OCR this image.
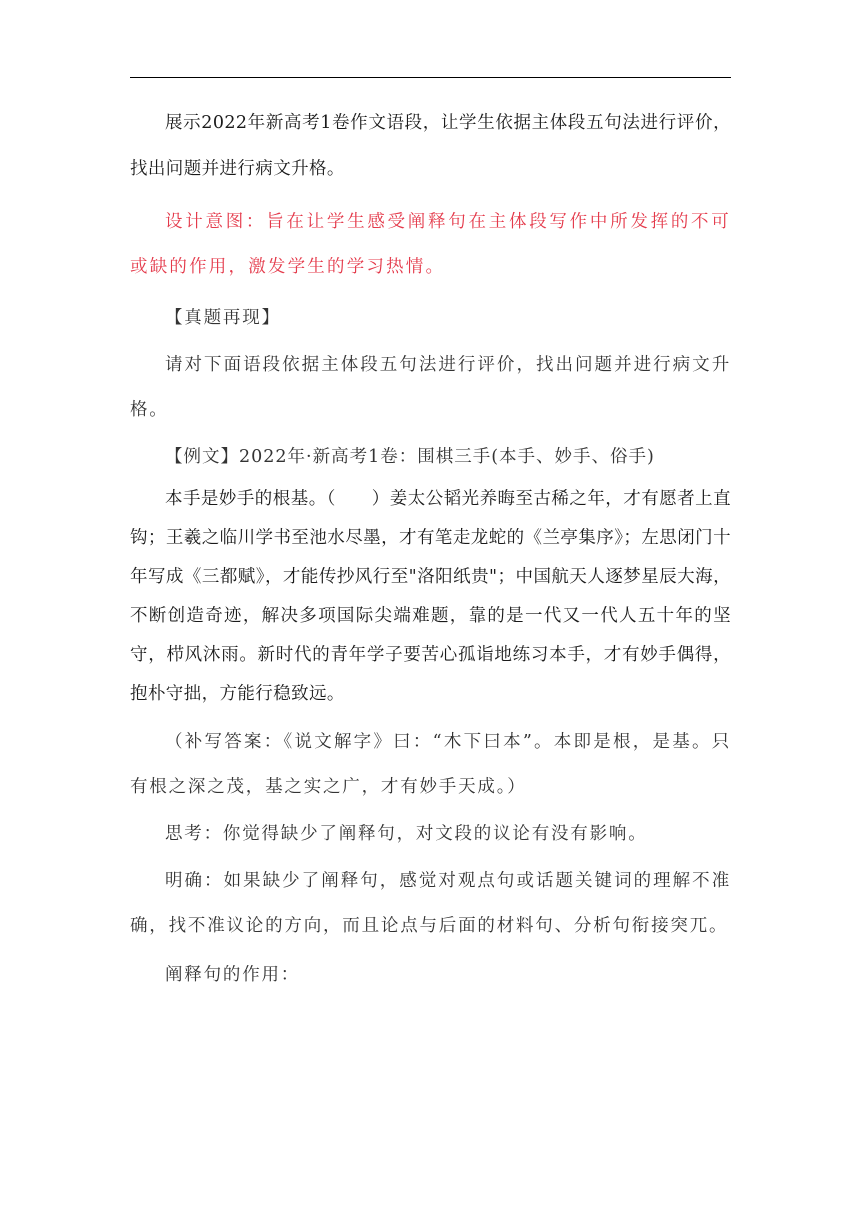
展示2022年新高考1卷作文语段，让学生依据主体段五句法进行评价，找出问题并进行病文升格。

设计意图：旨在让学生感受阐释句在主体段写作中所发挥的不可或缺的作用，激发学生的学习热情。

【真题再现】

请对下面语段依据主体段五句法进行评价，找出问题并进行病文升格。

【例文】2022年·新高考1卷：围棋三手(本手、妙手、俗手)

本手是妙手的根基。（　　）姜太公韬光养晦至古稀之年，才有愿者上直钩；王羲之临川学书至池水尽墨，才有笔走龙蛇的《兰亭集序》；左思闭门十年写成《三都赋》，才能传抄风行至"洛阳纸贵"；中国航天人逐梦星辰大海，不断创造奇迹，解决多项国际尖端难题，靠的是一代又一代人五十年的坚守，栉风沐雨。新时代的青年学子要苦心孤诣地练习本手，才有妙手偶得，抱朴守拙，方能行稳致远。

（补写答案：《说文解字》曰：“木下曰本”。本即是根，是基。只有根之深之茂，基之实之广，才有妙手天成。）

思考：你觉得缺少了阐释句，对文段的议论有没有影响。

明确：如果缺少了阐释句，感觉对观点句或话题关键词的理解不准确，找不准议论的方向，而且论点与后面的材料句、分析句衔接突兀。

阐释句的作用：
